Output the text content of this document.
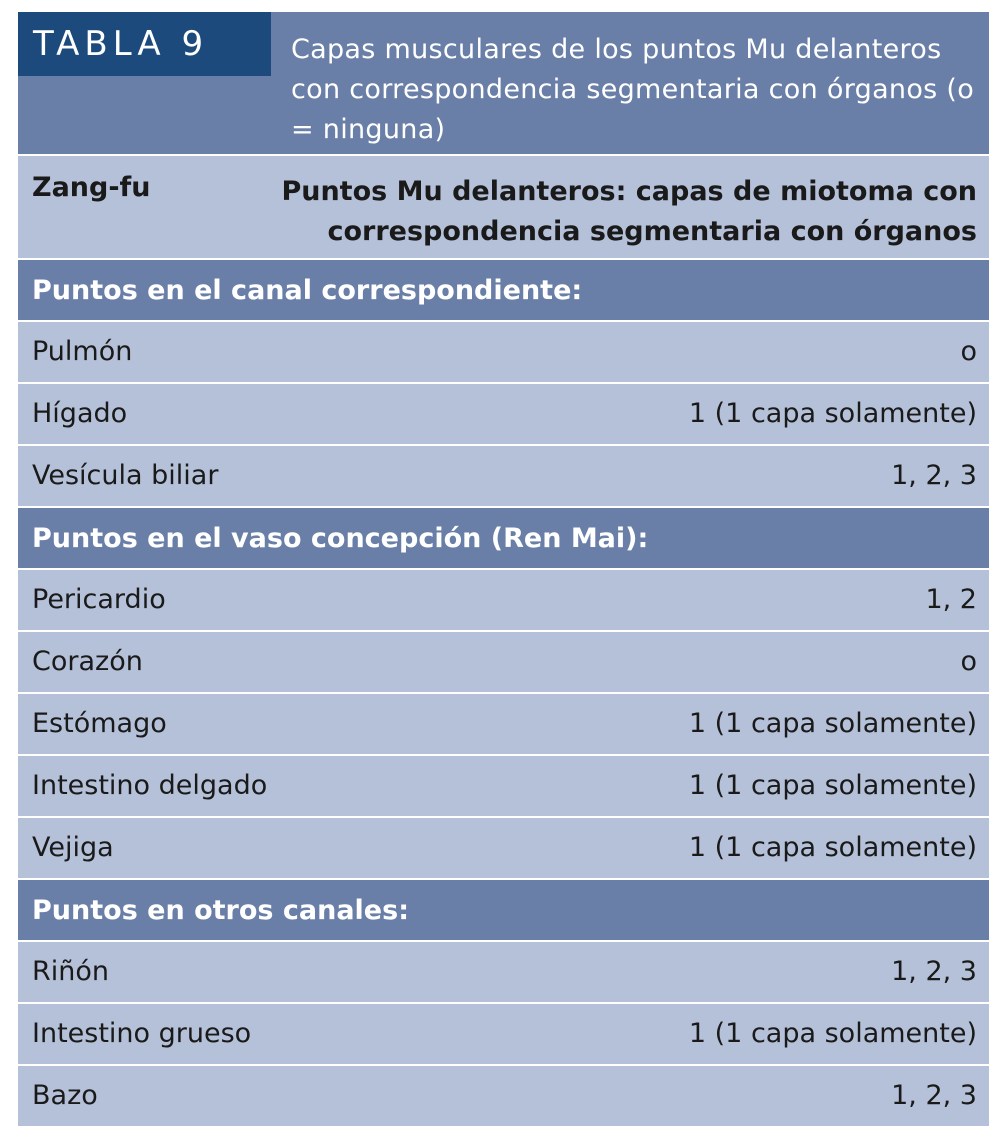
TABLA 9	Capas musculares de los puntos Mu delanteros con correspondencia segmentaria con órganos (o = ninguna)
Zang-fu	Puntos Mu delanteros: capas de miotoma con correspondencia segmentaria con órganos
Puntos en el canal correspondiente:
Pulmón	o
Hígado	1 (1 capa solamente)
Vesícula biliar	1, 2, 3
Puntos en el vaso concepción (Ren Mai):
Pericardio	1, 2
Corazón	o
Estómago	1 (1 capa solamente)
Intestino delgado	1 (1 capa solamente)
Vejiga	1 (1 capa solamente)
Puntos en otros canales:
Riñón	1, 2, 3
Intestino grueso	1 (1 capa solamente)
Bazo	1, 2, 3
